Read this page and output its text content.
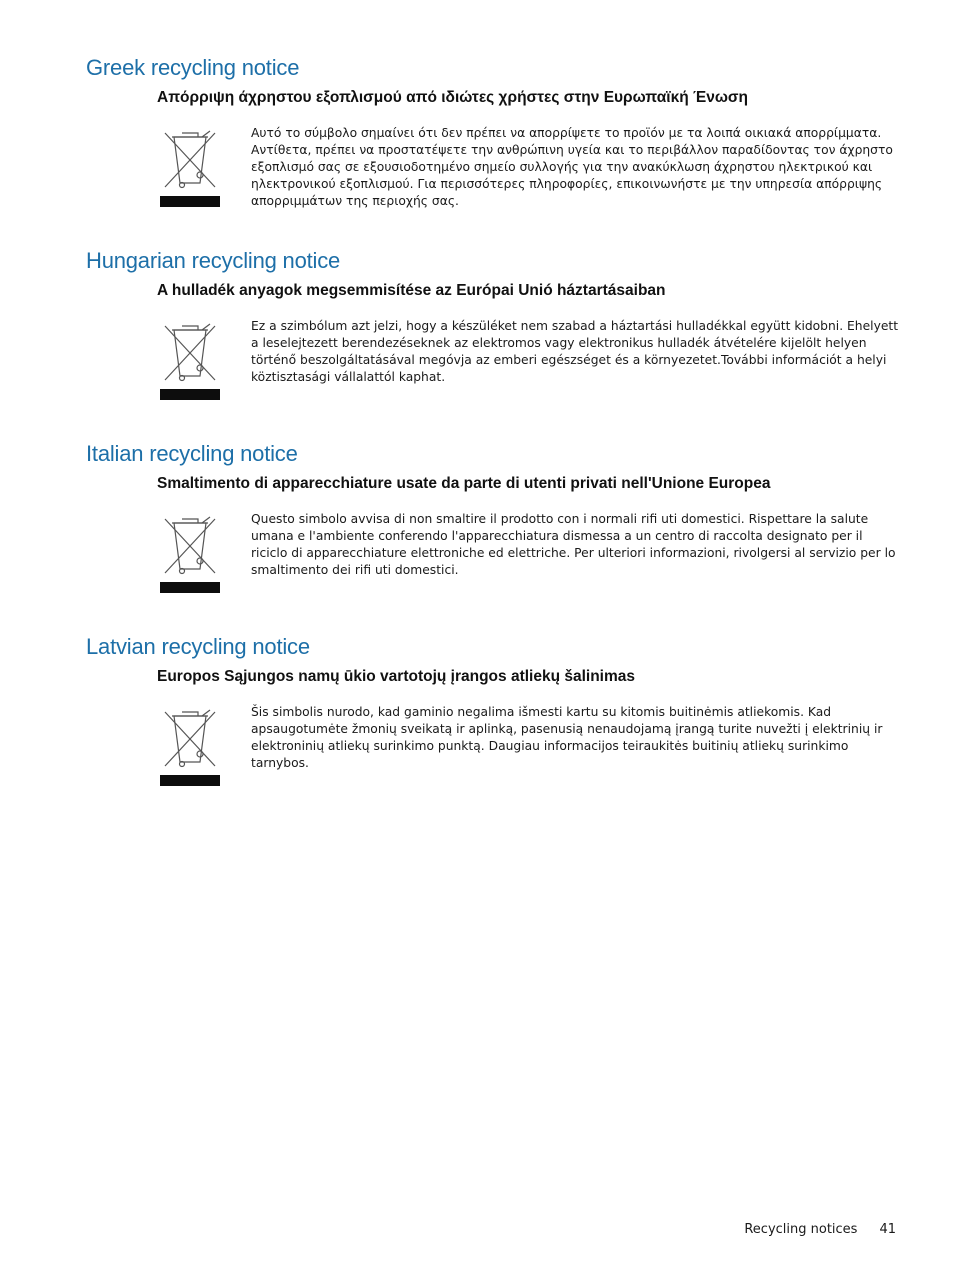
Greek recycling notice
Απόρριψη άχρηστου εξοπλισμού από ιδιώτες χρήστες στην Ευρωπαϊκή Ένωση

Αυτό το σύμβολο σημαίνει ότι δεν πρέπει να απορρίψετε το προϊόν με τα λοιπά οικιακά απορρίμματα. Αντίθετα, πρέπει να προστατέψετε την ανθρώπινη υγεία και το περιβάλλον παραδίδοντας τον άχρηστο εξοπλισμό σας σε εξουσιοδοτημένο σημείο συλλογής για την ανακύκλωση άχρηστου ηλεκτρικού και ηλεκτρονικού εξοπλισμού. Για περισσότερες πληροφορίες, επικοινωνήστε με την υπηρεσία απόρριψης απορριμμάτων της περιοχής σας.

Hungarian recycling notice
A hulladék anyagok megsemmisítése az Európai Unió háztartásaiban

Ez a szimbólum azt jelzi, hogy a készüléket nem szabad a háztartási hulladékkal együtt kidobni. Ehelyett a leselejtezett berendezéseknek az elektromos vagy elektronikus hulladék átvételére kijelölt helyen történő beszolgáltatásával megóvja az emberi egészséget és a környezetet.További információt a helyi köztisztasági vállalattól kaphat.

Italian recycling notice
Smaltimento di apparecchiature usate da parte di utenti privati nell'Unione Europea

Questo simbolo avvisa di non smaltire il prodotto con i normali rifi uti domestici. Rispettare la salute umana e l'ambiente conferendo l'apparecchiatura dismessa a un centro di raccolta designato per il riciclo di apparecchiature elettroniche ed elettriche. Per ulteriori informazioni, rivolgersi al servizio per lo smaltimento dei rifi uti domestici.

Latvian recycling notice
Europos Sąjungos namų ūkio vartotojų įrangos atliekų šalinimas

Šis simbolis nurodo, kad gaminio negalima išmesti kartu su kitomis buitinėmis atliekomis. Kad apsaugotumėte žmonių sveikatą ir aplinką, pasenusią nenaudojamą įrangą turite nuvežti į elektrinių ir elektroninių atliekų surinkimo punktą. Daugiau informacijos teiraukitės buitinių atliekų surinkimo tarnybos.

Recycling notices 41
